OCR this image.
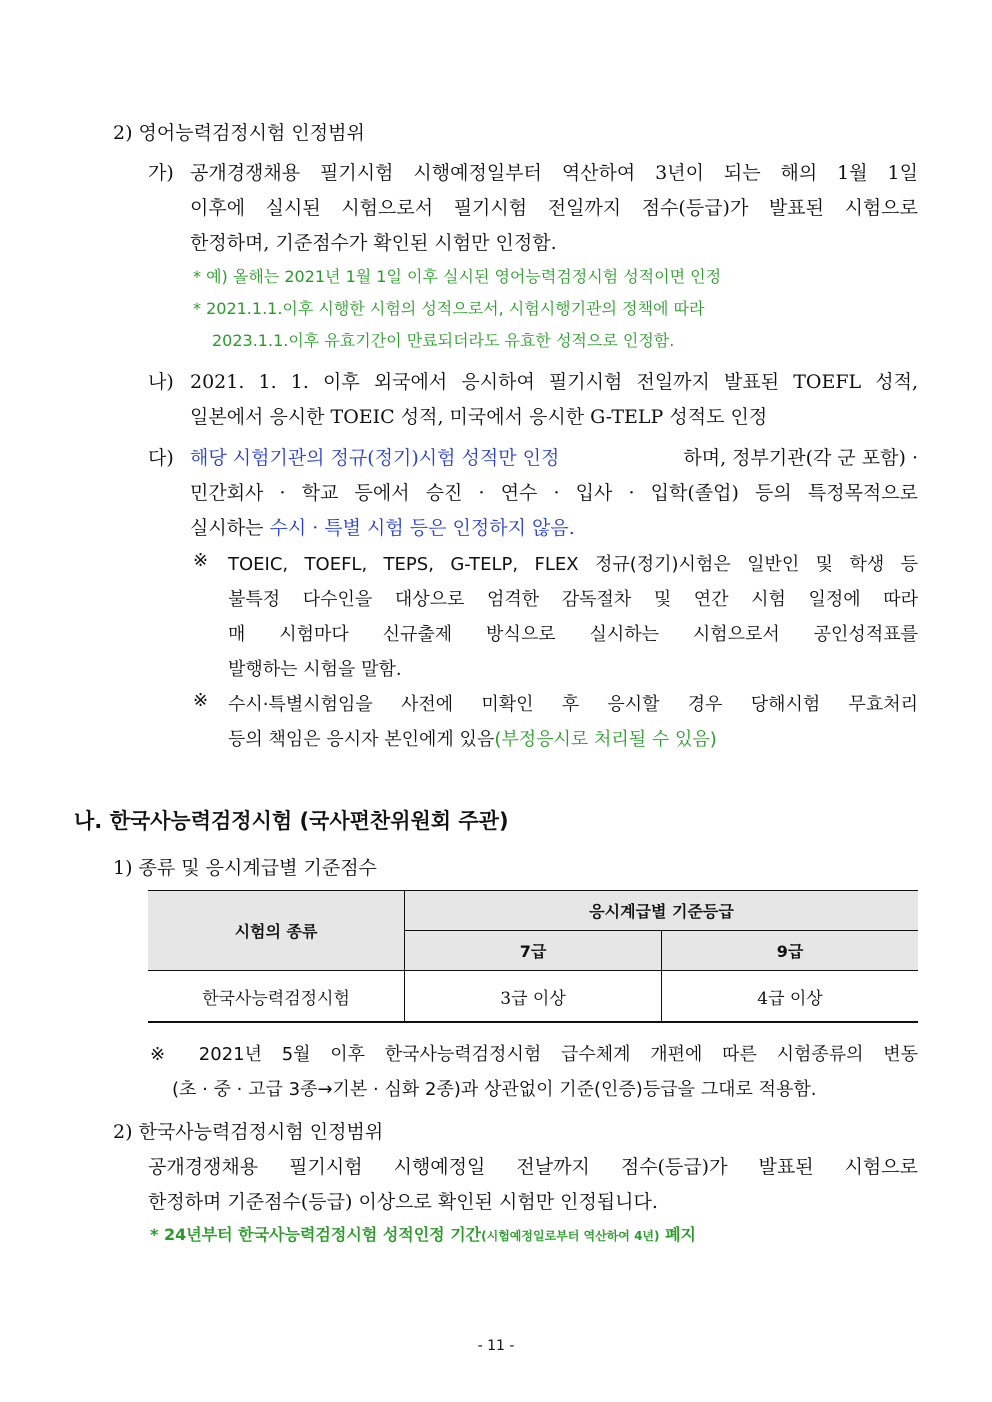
2) 영어능력검정시험 인정범위
가) 공개경쟁채용 필기시험 시행예정일부터 역산하여 3년이 되는 해의 1월 1일
이후에 실시된 시험으로서 필기시험 전일까지 점수(등급)가 발표된 시험으로
한정하며, 기준점수가 확인된 시험만 인정함.
* 예) 올해는 2021년 1월 1일 이후 실시된 영어능력검정시험 성적이면 인정
* 2021.1.1.이후 시행한 시험의 성적으로서, 시험시행기관의 정책에 따라
2023.1.1.이후 유효기간이 만료되더라도 유효한 성적으로 인정함.
나) 2021. 1. 1. 이후 외국에서 응시하여 필기시험 전일까지 발표된 TOEFL 성적,
일본에서 응시한 TOEIC 성적, 미국에서 응시한 G-TELP 성적도 인정
다) 해당 시험기관의 정규(정기)시험 성적만 인정	하며, 정부기관(각 군 포함) ·
민간회사 · 학교 등에서 승진 · 연수 · 입사 · 입학(졸업) 등의 특정목적으로
실시하는 수시 · 특별 시험 등은 인정하지 않음.
※ TOEIC, TOEFL, TEPS, G-TELP, FLEX 정규(정기)시험은 일반인 및 학생 등
불특정 다수인을 대상으로 엄격한 감독절차 및 연간 시험 일정에 따라
매 시험마다 신규출제 방식으로 실시하는 시험으로서 공인성적표를
발행하는 시험을 말함.
※ 수시·특별시험임을 사전에 미확인 후 응시할 경우 당해시험 무효처리
등의 책임은 응시자 본인에게 있음(부정응시로 처리될 수 있음)
나. 한국사능력검정시험 (국사편찬위원회 주관)
1) 종류 및 응시계급별 기준점수
시험의 종류	응시계급별 기준등급	
	7급	9급
한국사능력검정시험	3급 이상	4급 이상
※ 2021년 5월 이후 한국사능력검정시험 급수체계 개편에 따른 시험종류의 변동
(초 · 중 · 고급 3종→기본 · 심화 2종)과 상관없이 기준(인증)등급을 그대로 적용함.
2) 한국사능력검정시험 인정범위
공개경쟁채용 필기시험 시행예정일 전날까지 점수(등급)가 발표된 시험으로
한정하며 기준점수(등급) 이상으로 확인된 시험만 인정됩니다.
* 24년부터 한국사능력검정시험 성적인정 기간(시험예정일로부터 역산하여 4년) 폐지
- 11 -
